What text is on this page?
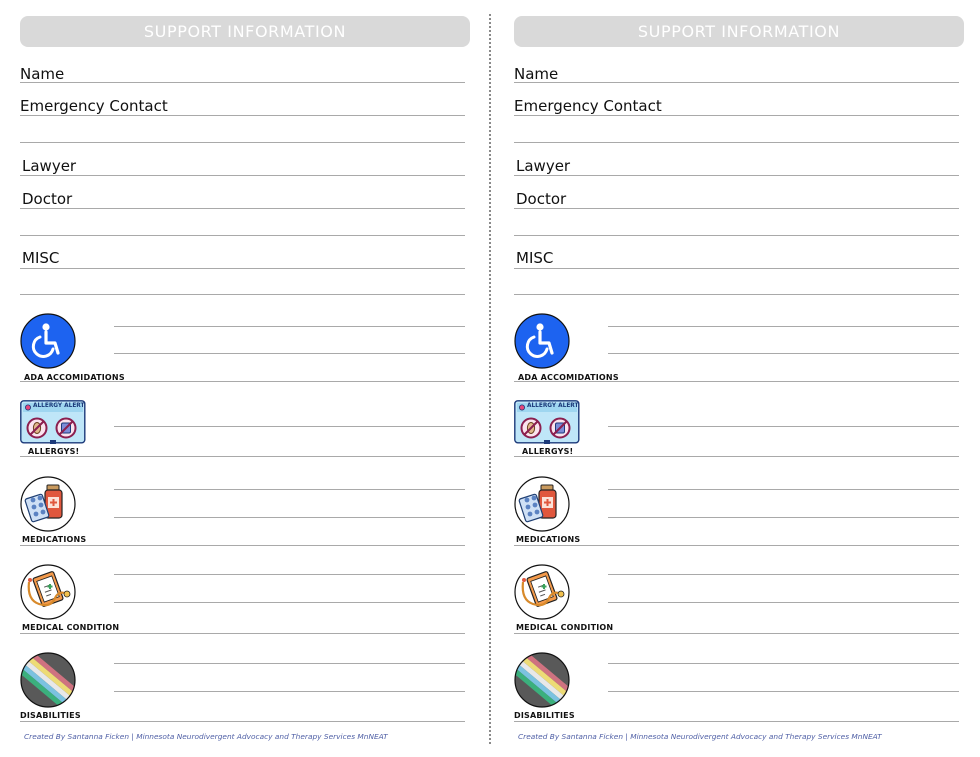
SUPPORT INFORMATION
Name
Emergency Contact
Lawyer
Doctor
MISC
ADA ACCOMIDATIONS
ALLERGY ALERT
ALLERGYS!
MEDICATIONS
MEDICAL CONDITION
DISABILITIES
Created By Santanna Ficken | Minnesota Neurodivergent Advocacy and Therapy Services MnNEAT
SUPPORT INFORMATION
Name
Emergency Contact
Lawyer
Doctor
MISC
ADA ACCOMIDATIONS
ALLERGY ALERT
ALLERGYS!
MEDICATIONS
MEDICAL CONDITION
DISABILITIES
Created By Santanna Ficken | Minnesota Neurodivergent Advocacy and Therapy Services MnNEAT
